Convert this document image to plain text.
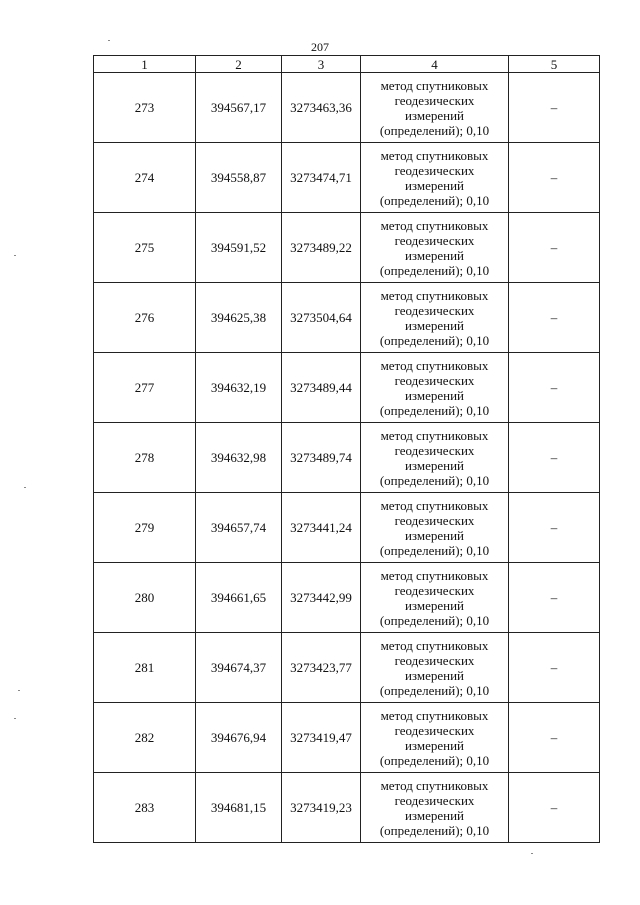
207
1	2	3	4	5
273	394567,17	3273463,36	метод спутниковых
геодезических
измерений
(определений); 0,10	–
274	394558,87	3273474,71	метод спутниковых
геодезических
измерений
(определений); 0,10	–
275	394591,52	3273489,22	метод спутниковых
геодезических
измерений
(определений); 0,10	–
276	394625,38	3273504,64	метод спутниковых
геодезических
измерений
(определений); 0,10	–
277	394632,19	3273489,44	метод спутниковых
геодезических
измерений
(определений); 0,10	–
278	394632,98	3273489,74	метод спутниковых
геодезических
измерений
(определений); 0,10	–
279	394657,74	3273441,24	метод спутниковых
геодезических
измерений
(определений); 0,10	–
280	394661,65	3273442,99	метод спутниковых
геодезических
измерений
(определений); 0,10	–
281	394674,37	3273423,77	метод спутниковых
геодезических
измерений
(определений); 0,10	–
282	394676,94	3273419,47	метод спутниковых
геодезических
измерений
(определений); 0,10	–
283	394681,15	3273419,23	метод спутниковых
геодезических
измерений
(определений); 0,10	–
